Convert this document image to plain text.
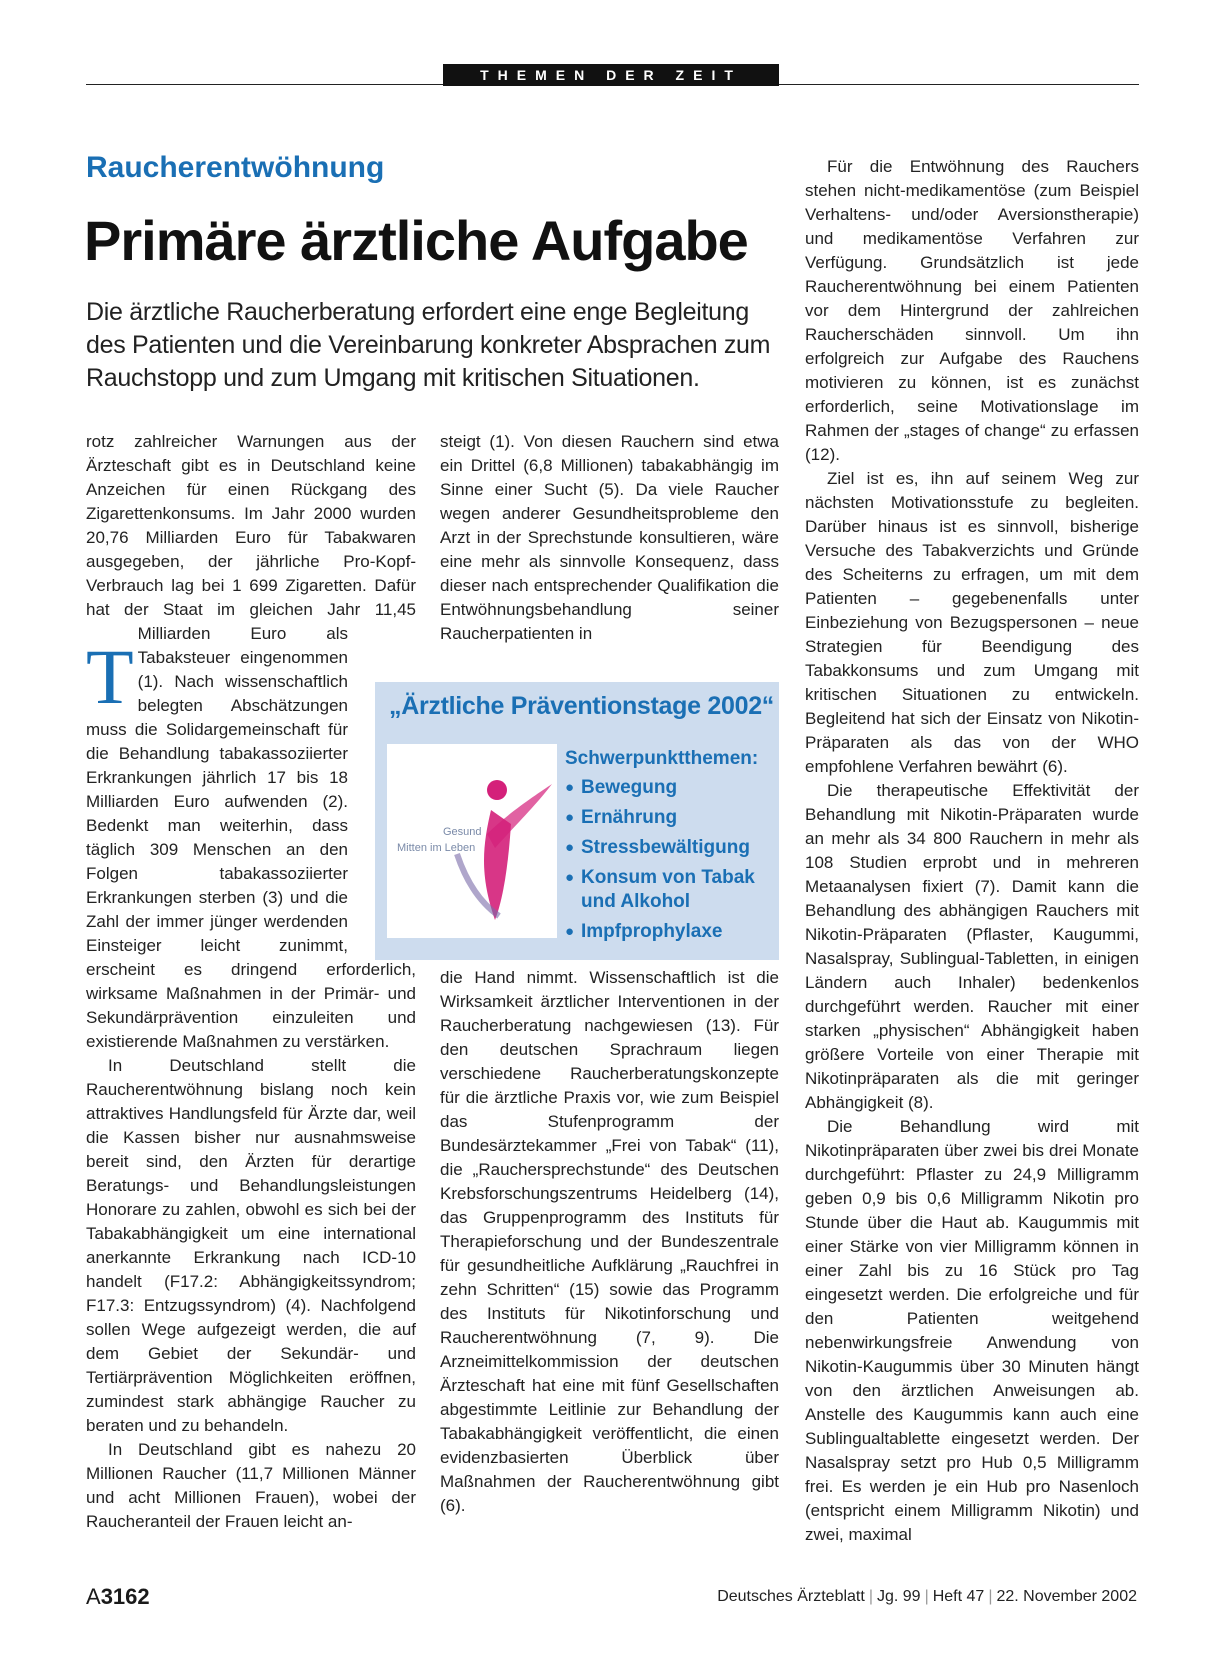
THEMEN DER ZEIT
Raucherentwöhnung
Primäre ärztliche Aufgabe
Die ärztliche Raucherberatung erfordert eine enge Begleitung des Patienten und die Vereinbarung konkreter Absprachen zum Rauchstopp und zum Umgang mit kritischen Situationen.

T
rotz zahlreicher Warnungen aus der Ärzteschaft gibt es in Deutschland keine Anzeichen für einen Rückgang des Zigarettenkonsums. Im Jahr 2000 wurden 20,76 Milliarden Euro für Tabakwaren ausgegeben, der jährliche Pro-Kopf-Verbrauch lag bei 1 699 Zigaretten. Dafür hat der Staat im gleichen Jahr 11,45 Milliarden Euro als Tabaksteuer eingenommen (1). Nach wissenschaftlich belegten Abschätzungen muss die Solidargemeinschaft für die Behandlung tabakassoziierter Erkrankungen jährlich 17 bis 18 Milliarden Euro aufwenden (2). Bedenkt man weiterhin, dass täglich 309 Menschen an den Folgen tabakassoziierter Erkrankungen sterben (3) und die Zahl der immer jünger werdenden Einsteiger leicht zunimmt, erscheint es dringend erforderlich, wirksame Maßnahmen in der Primär- und Sekundärprävention einzuleiten und existierende Maßnahmen zu verstärken.

In Deutschland stellt die Raucherentwöhnung bislang noch kein attraktives Handlungsfeld für Ärzte dar, weil die Kassen bisher nur ausnahmsweise bereit sind, den Ärzten für derartige Beratungs- und Behandlungsleistungen Honorare zu zahlen, obwohl es sich bei der Tabakabhängigkeit um eine international anerkannte Erkrankung nach ICD-10 handelt (F17.2: Abhängigkeitssyndrom; F17.3: Entzugssyndrom) (4). Nachfolgend sollen Wege aufgezeigt werden, die auf dem Gebiet der Sekundär- und Tertiärprävention Möglichkeiten eröffnen, zumindest stark abhängige Raucher zu beraten und zu behandeln.

In Deutschland gibt es nahezu 20 Millionen Raucher (11,7 Millionen Männer und acht Millionen Frauen), wobei der Raucheranteil der Frauen leicht an-

steigt (1). Von diesen Rauchern sind etwa ein Drittel (6,8 Millionen) tabakabhängig im Sinne einer Sucht (5). Da viele Raucher wegen anderer Gesundheitsprobleme den Arzt in der Sprechstunde konsultieren, wäre eine mehr als sinnvolle Konsequenz, dass dieser nach entsprechender Qualifikation die Entwöhnungsbehandlung seiner Raucherpatienten in

die Hand nimmt. Wissenschaftlich ist die Wirksamkeit ärztlicher Interventionen in der Raucherberatung nachgewiesen (13). Für den deutschen Sprachraum liegen verschiedene Raucherberatungskonzepte für die ärztliche Praxis vor, wie zum Beispiel das Stufenprogramm der Bundesärztekammer „Frei von Tabak“ (11), die „Rauchersprechstunde“ des Deutschen Krebsforschungszentrums Heidelberg (14), das Gruppenprogramm des Instituts für Therapieforschung und der Bundeszentrale für gesundheitliche Aufklärung „Rauchfrei in zehn Schritten“ (15) sowie das Programm des Instituts für Nikotinforschung und Raucherentwöhnung (7, 9). Die Arzneimittelkommission der deutschen Ärzteschaft hat eine mit fünf Gesellschaften abgestimmte Leitlinie zur Behandlung der Tabakabhängigkeit veröffentlicht, die einen evidenzbasierten Überblick über Maßnahmen der Raucherentwöhnung gibt (6).

„Ärztliche Präventionstage 2002“
Gesund
Mitten im Leben
Schwerpunktthemen:
● Bewegung
● Ernährung
● Stressbewältigung
● Konsum von Tabak und Alkohol
● Impfprophylaxe

Für die Entwöhnung des Rauchers stehen nicht-medikamentöse (zum Beispiel Verhaltens- und/oder Aversionstherapie) und medikamentöse Verfahren zur Verfügung. Grundsätzlich ist jede Raucherentwöhnung bei einem Patienten vor dem Hintergrund der zahlreichen Raucherschäden sinnvoll. Um ihn erfolgreich zur Aufgabe des Rauchens motivieren zu können, ist es zunächst erforderlich, seine Motivationslage im Rahmen der „stages of change“ zu erfassen (12).

Ziel ist es, ihn auf seinem Weg zur nächsten Motivationsstufe zu begleiten. Darüber hinaus ist es sinnvoll, bisherige Versuche des Tabakverzichts und Gründe des Scheiterns zu erfragen, um mit dem Patienten – gegebenenfalls unter Einbeziehung von Bezugspersonen – neue Strategien für Beendigung des Tabakkonsums und zum Umgang mit kritischen Situationen zu entwickeln. Begleitend hat sich der Einsatz von Nikotin-Präparaten als das von der WHO empfohlene Verfahren bewährt (6).

Die therapeutische Effektivität der Behandlung mit Nikotin-Präparaten wurde an mehr als 34 800 Rauchern in mehr als 108 Studien erprobt und in mehreren Metaanalysen fixiert (7). Damit kann die Behandlung des abhängigen Rauchers mit Nikotin-Präparaten (Pflaster, Kaugummi, Nasalspray, Sublingual-Tabletten, in einigen Ländern auch Inhaler) bedenkenlos durchgeführt werden. Raucher mit einer starken „physischen“ Abhängigkeit haben größere Vorteile von einer Therapie mit Nikotinpräparaten als die mit geringer Abhängigkeit (8).

Die Behandlung wird mit Nikotinpräparaten über zwei bis drei Monate durchgeführt: Pflaster zu 24,9 Milligramm geben 0,9 bis 0,6 Milligramm Nikotin pro Stunde über die Haut ab. Kaugummis mit einer Stärke von vier Milligramm können in einer Zahl bis zu 16 Stück pro Tag eingesetzt werden. Die erfolgreiche und für den Patienten weitgehend nebenwirkungsfreie Anwendung von Nikotin-Kaugummis über 30 Minuten hängt von den ärztlichen Anweisungen ab. Anstelle des Kaugummis kann auch eine Sublingualtablette eingesetzt werden. Der Nasalspray setzt pro Hub 0,5 Milligramm frei. Es werden je ein Hub pro Nasenloch (entspricht einem Milligramm Nikotin) und zwei, maximal

A3162	Deutsches Ärzteblatt | Jg. 99 | Heft 47 | 22. November 2002
